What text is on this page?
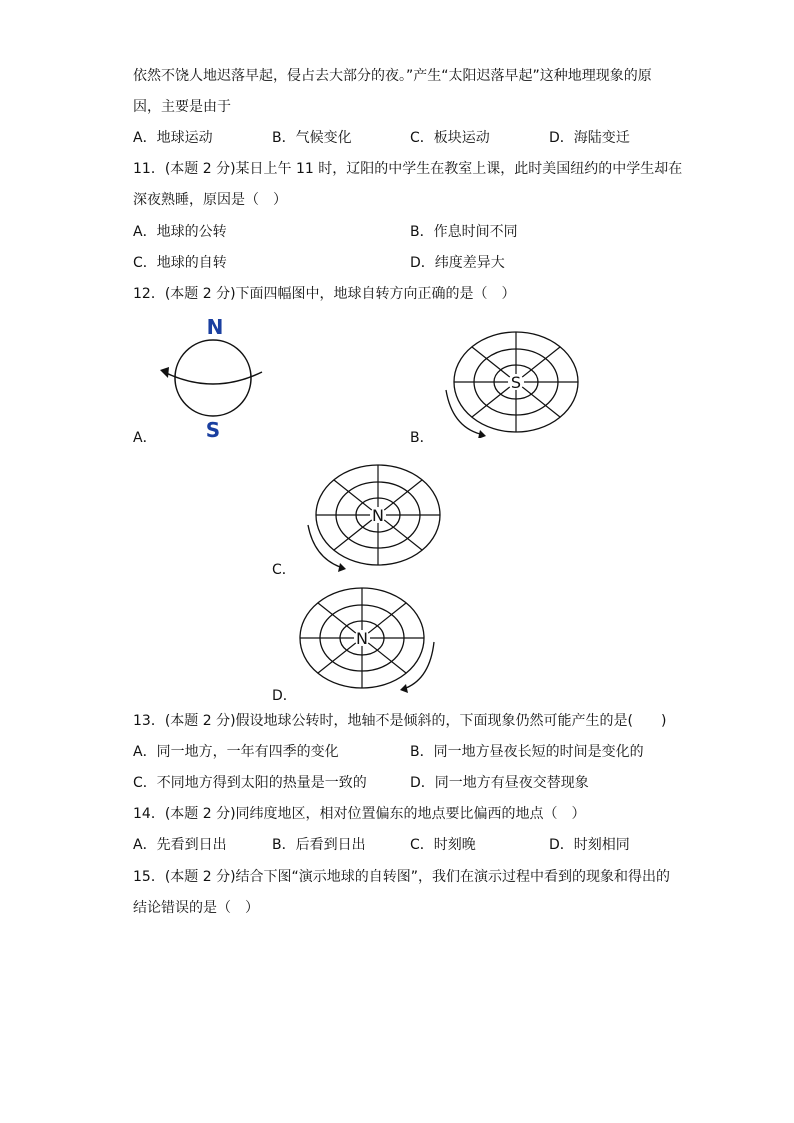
依然不饶人地迟落早起，侵占去大部分的夜。”产生“太阳迟落早起”这种地理现象的原
因，主要是由于
A．地球运动	B．气候变化	C．板块运动	D．海陆变迁
11．(本题 2 分)某日上午 11 时，辽阳的中学生在教室上课，此时美国纽约的中学生却在
深夜熟睡，原因是（　）
A．地球的公转	B．作息时间不同
C．地球的自转	D．纬度差异大
12．(本题 2 分)下面四幅图中，地球自转方向正确的是（　）
A．
N
S	B．
S
C．
N
D．
N
13．(本题 2 分)假设地球公转时，地轴不是倾斜的，下面现象仍然可能产生的是(　　)
A．同一地方，一年有四季的变化	B．同一地方昼夜长短的时间是变化的
C．不同地方得到太阳的热量是一致的	D．同一地方有昼夜交替现象
14．(本题 2 分)同纬度地区，相对位置偏东的地点要比偏西的地点（　）
A．先看到日出	B．后看到日出	C．时刻晚	D．时刻相同
15．(本题 2 分)结合下图“演示地球的自转图”，我们在演示过程中看到的现象和得出的
结论错误的是（　）
